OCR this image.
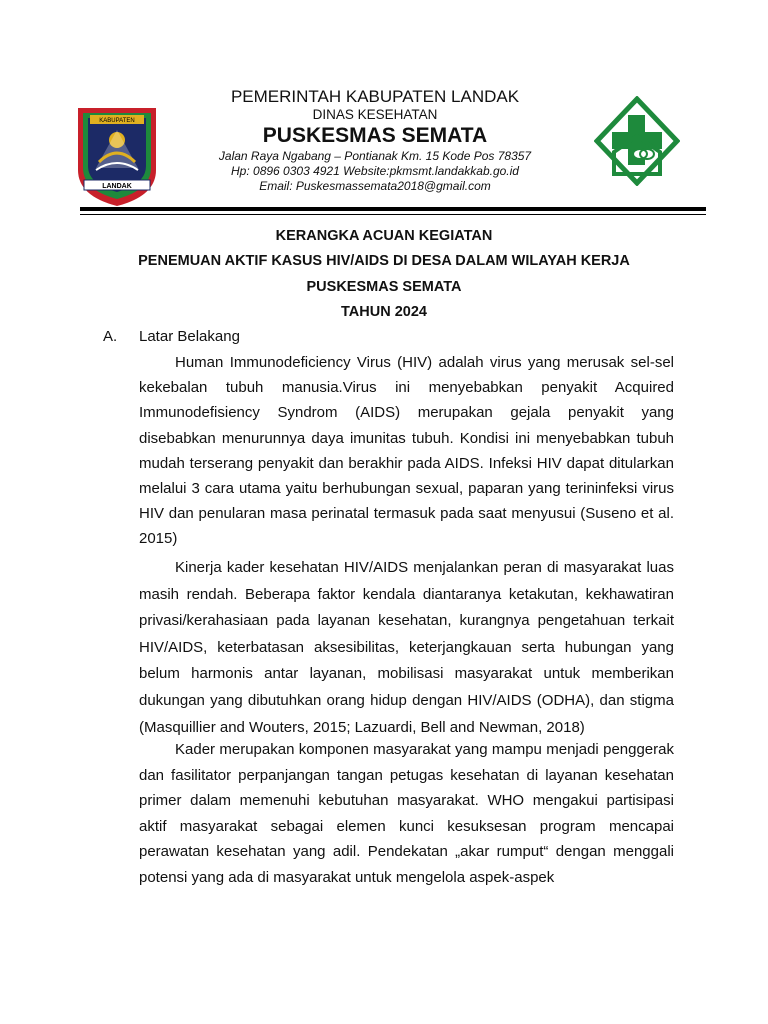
KABUPATEN
LANDAK
PEMERINTAH KABUPATEN LANDAK
DINAS KESEHATAN
PUSKESMAS SEMATA
Jalan Raya Ngabang – Pontianak Km. 15 Kode Pos 78357
Hp: 0896 0303 4921 Website:pkmsmt.landakkab.go.id
Email: Puskesmassemata2018@gmail.com
KERANGKA ACUAN KEGIATAN
PENEMUAN AKTIF KASUS HIV/AIDS DI DESA DALAM WILAYAH KERJA
PUSKESMAS SEMATA
TAHUN 2024
A. Latar Belakang

Human Immunodeficiency Virus (HIV) adalah virus yang merusak sel-sel kekebalan tubuh manusia.Virus ini menyebabkan penyakit Acquired Immunodefisiency Syndrom (AIDS) merupakan gejala penyakit yang disebabkan menurunnya daya imunitas tubuh. Kondisi ini menyebabkan tubuh mudah terserang penyakit dan berakhir pada AIDS. Infeksi HIV dapat ditularkan melalui 3 cara utama yaitu berhubungan sexual, paparan yang terininfeksi virus HIV dan penularan masa perinatal termasuk pada saat menyusui (Suseno et al. 2015)

Kinerja kader kesehatan HIV/AIDS menjalankan peran di masyarakat luas masih rendah. Beberapa faktor kendala diantaranya ketakutan, kekhawatiran privasi/kerahasiaan pada layanan kesehatan, kurangnya pengetahuan terkait HIV/AIDS, keterbatasan aksesibilitas, keterjangkauan serta hubungan yang belum harmonis antar layanan, mobilisasi masyarakat untuk memberikan dukungan yang dibutuhkan orang hidup dengan HIV/AIDS (ODHA), dan stigma (Masquillier and Wouters, 2015; Lazuardi, Bell and Newman, 2018)

Kader merupakan komponen masyarakat yang mampu menjadi penggerak dan fasilitator perpanjangan tangan petugas kesehatan di layanan kesehatan primer dalam memenuhi kebutuhan masyarakat. WHO mengakui partisipasi aktif masyarakat sebagai elemen kunci kesuksesan program mencapai perawatan kesehatan yang adil. Pendekatan „akar rumput“ dengan menggali potensi yang ada di masyarakat untuk mengelola aspek-aspek
